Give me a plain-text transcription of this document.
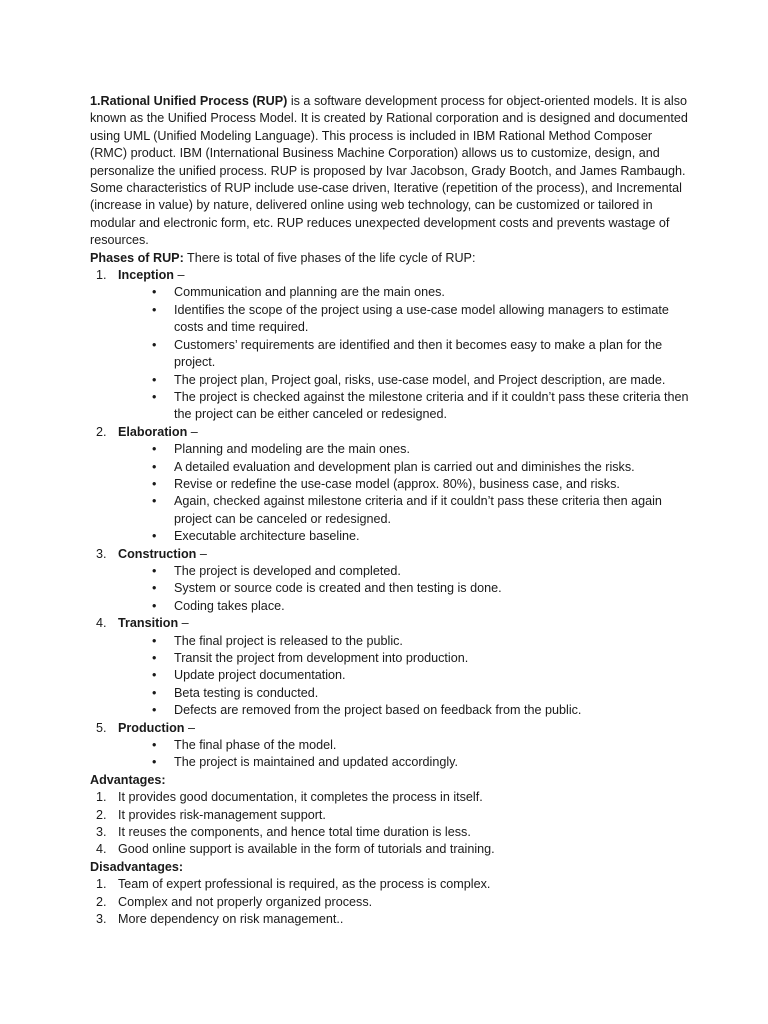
1.Rational Unified Process (RUP) is a software development process for object-oriented models. It is also known as the Unified Process Model. It is created by Rational corporation and is designed and documented using UML (Unified Modeling Language). This process is included in IBM Rational Method Composer (RMC) product. IBM (International Business Machine Corporation) allows us to customize, design, and personalize the unified process. RUP is proposed by Ivar Jacobson, Grady Bootch, and James Rambaugh. Some characteristics of RUP include use-case driven, Iterative (repetition of the process), and Incremental (increase in value) by nature, delivered online using web technology, can be customized or tailored in modular and electronic form, etc. RUP reduces unexpected development costs and prevents wastage of resources.

Phases of RUP: There is total of five phases of the life cycle of RUP:

1. Inception –
• Communication and planning are the main ones.
• Identifies the scope of the project using a use-case model allowing managers to estimate costs and time required.
• Customers’ requirements are identified and then it becomes easy to make a plan for the project.
• The project plan, Project goal, risks, use-case model, and Project description, are made.
• The project is checked against the milestone criteria and if it couldn’t pass these criteria then the project can be either canceled or redesigned.
2. Elaboration –
• Planning and modeling are the main ones.
• A detailed evaluation and development plan is carried out and diminishes the risks.
• Revise or redefine the use-case model (approx. 80%), business case, and risks.
• Again, checked against milestone criteria and if it couldn’t pass these criteria then again project can be canceled or redesigned.
• Executable architecture baseline.
3. Construction –
• The project is developed and completed.
• System or source code is created and then testing is done.
• Coding takes place.
4. Transition –
• The final project is released to the public.
• Transit the project from development into production.
• Update project documentation.
• Beta testing is conducted.
• Defects are removed from the project based on feedback from the public.
5. Production –
• The final phase of the model.
• The project is maintained and updated accordingly.

Advantages:

1. It provides good documentation, it completes the process in itself.
2. It provides risk-management support.
3. It reuses the components, and hence total time duration is less.
4. Good online support is available in the form of tutorials and training.

Disadvantages:

1. Team of expert professional is required, as the process is complex.
2. Complex and not properly organized process.
3. More dependency on risk management..
